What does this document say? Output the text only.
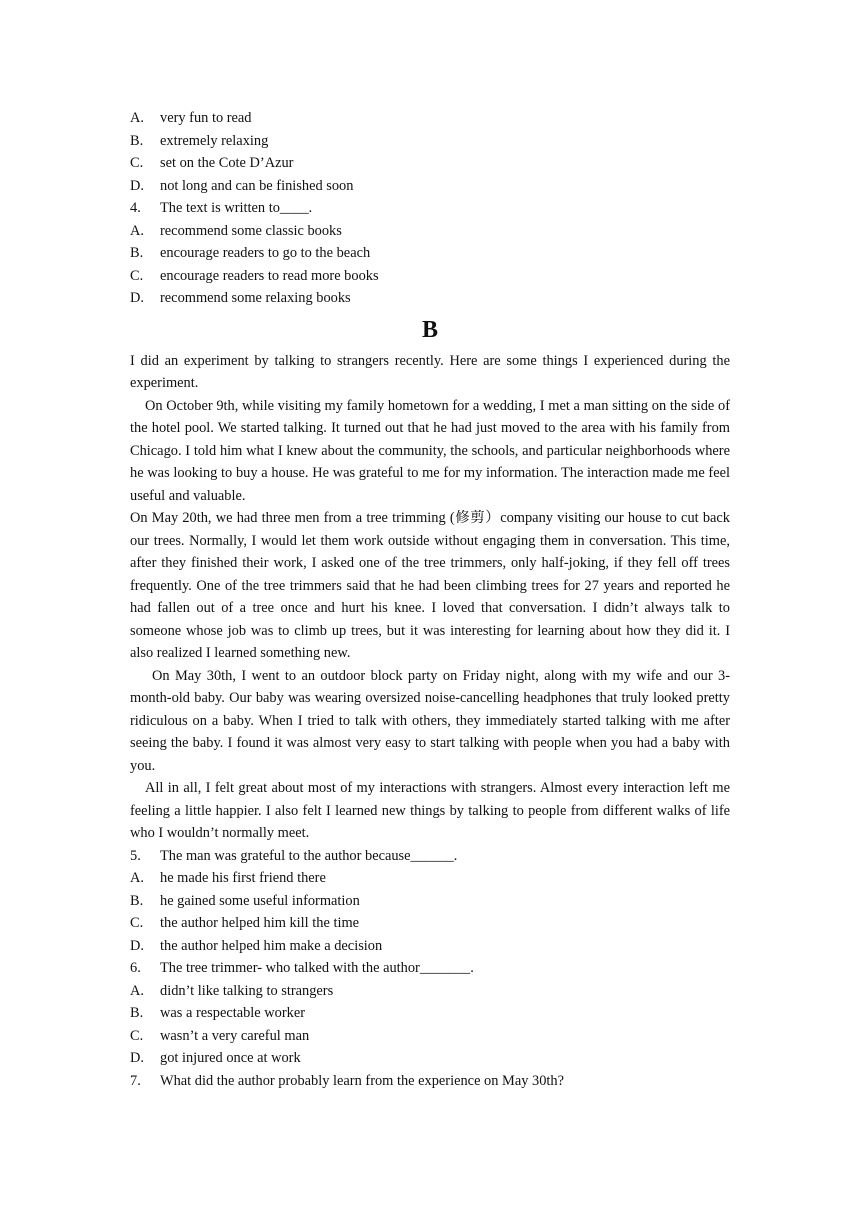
A.	very fun to read
B.	extremely relaxing
C.	set on the Cote D’Azur
D.	not long and can be finished soon
4.	The text is written to____.
A.	recommend some classic books
B.	encourage readers to go to the beach
C.	encourage readers to read more books
D.	recommend some relaxing books
B

I did an experiment by talking to strangers recently. Here are some things I experienced during the experiment.

On October 9th, while visiting my family hometown for a wedding, I met a man sitting on the side of the hotel pool. We started talking. It turned out that he had just moved to the area with his family from Chicago. I told him what I knew about the community, the schools, and particular neighborhoods where he was looking to buy a house. He was grateful to me for my information. The interaction made me feel useful and valuable.

On May 20th, we had three men from a tree trimming (修剪）company visiting our house to cut back our trees. Normally, I would let them work outside without engaging them in conversation. This time, after they finished their work, I asked one of the tree trimmers, only half-joking, if they fell off trees frequently. One of the tree trimmers said that he had been climbing trees for 27 years and reported he had fallen out of a tree once and hurt his knee. I loved that conversation. I didn’t always talk to someone whose job was to climb up trees, but it was interesting for learning about how they did it. I also realized I learned something new.

On May 30th, I went to an outdoor block party on Friday night, along with my wife and our 3-month-old baby. Our baby was wearing oversized noise-cancelling headphones that truly looked pretty ridiculous on a baby. When I tried to talk with others, they immediately started talking with me after seeing the baby. I found it was almost very easy to start talking with people when you had a baby with you.

All in all, I felt great about most of my interactions with strangers. Almost every interaction left me feeling a little happier. I also felt I learned new things by talking to people from different walks of life who I wouldn’t normally meet.

5.	The man was grateful to the author because______.
A.	he made his first friend there
B.	he gained some useful information
C.	the author helped him kill the time
D.	the author helped him make a decision
6.	The tree trimmer- who talked with the author_______.
A.	didn’t like talking to strangers
B.	was a respectable worker
C.	wasn’t a very careful man
D.	got injured once at work
7.	What did the author probably learn from the experience on May 30th?
